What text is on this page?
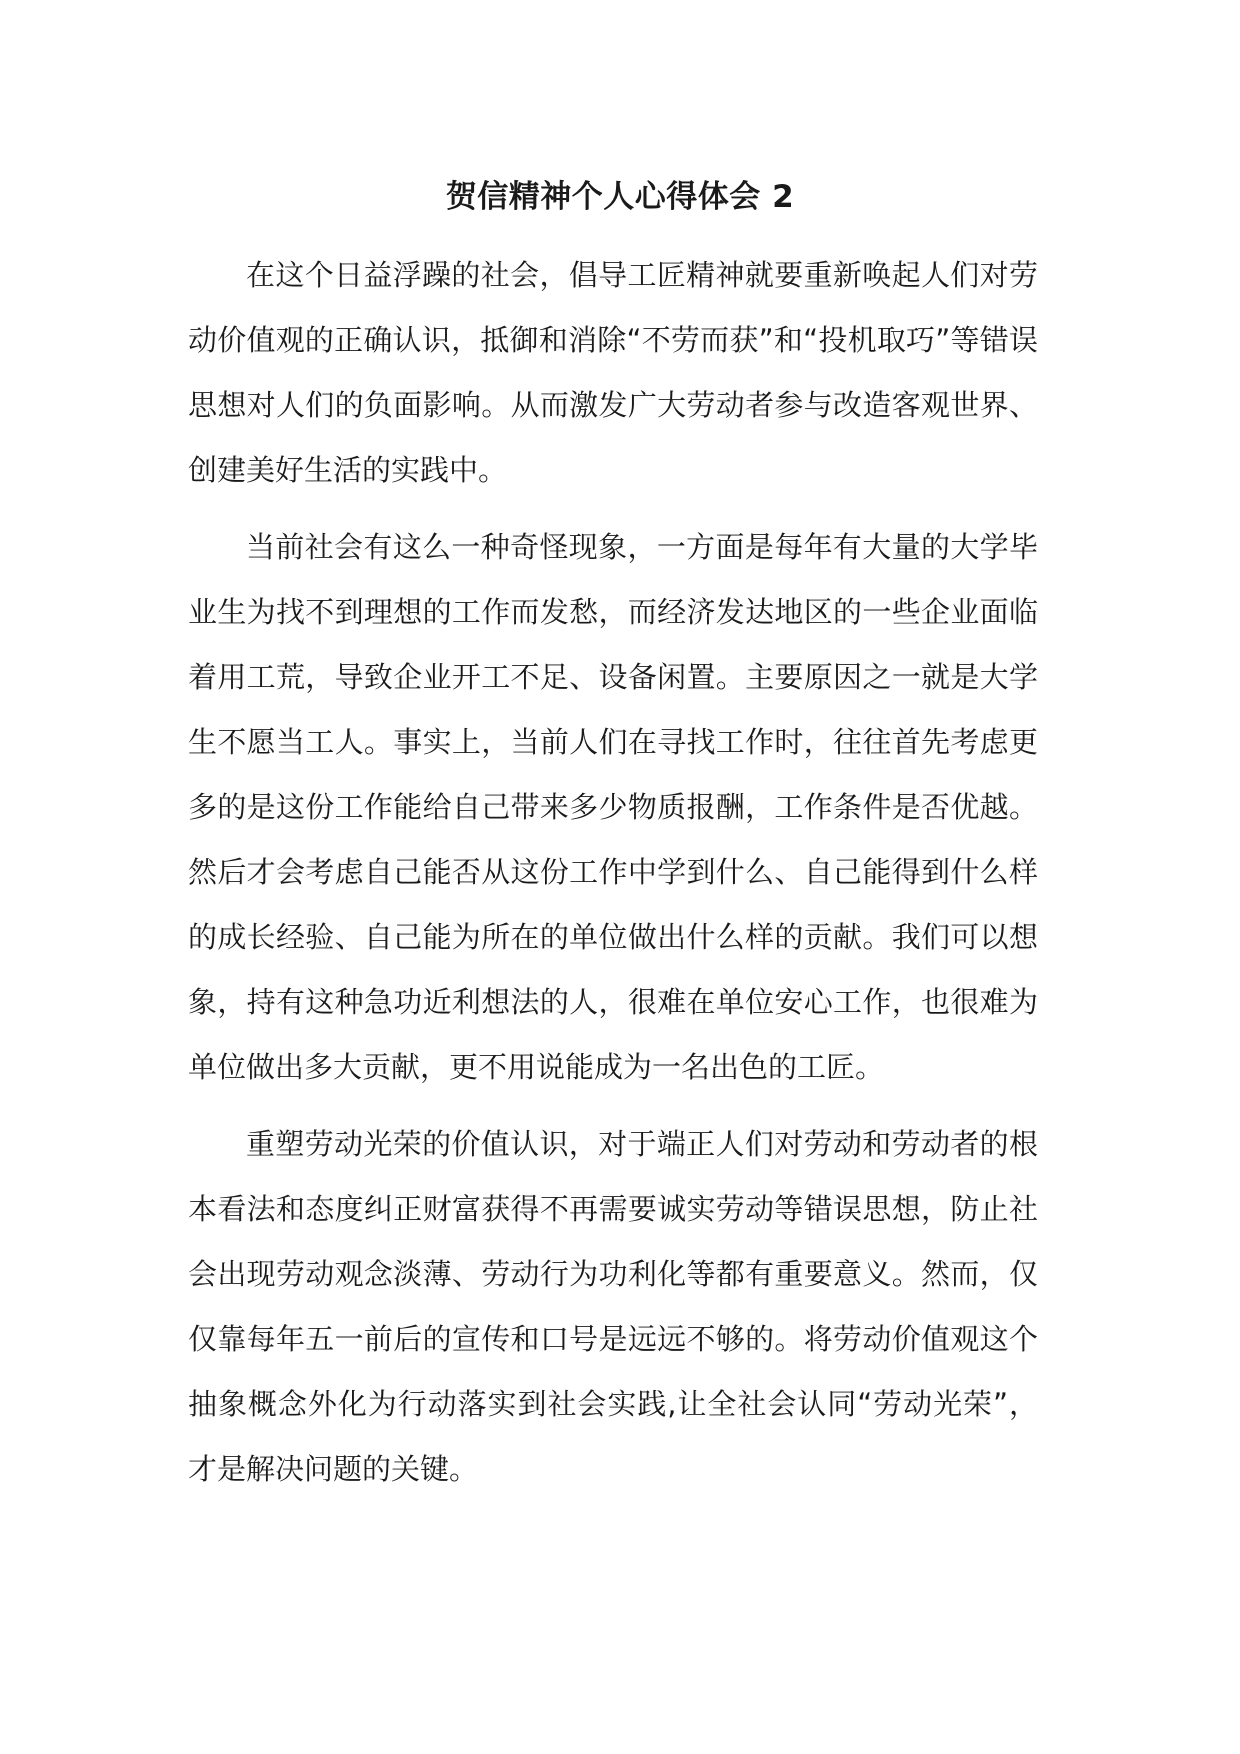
贺信精神个人心得体会 2

在这个日益浮躁的社会，倡导工匠精神就要重新唤起人们对劳动价值观的正确认识，抵御和消除“不劳而获”和“投机取巧”等错误思想对人们的负面影响。从而激发广大劳动者参与改造客观世界、创建美好生活的实践中。

当前社会有这么一种奇怪现象，一方面是每年有大量的大学毕业生为找不到理想的工作而发愁，而经济发达地区的一些企业面临着用工荒，导致企业开工不足、设备闲置。主要原因之一就是大学生不愿当工人。事实上，当前人们在寻找工作时，往往首先考虑更多的是这份工作能给自己带来多少物质报酬，工作条件是否优越。然后才会考虑自己能否从这份工作中学到什么、自己能得到什么样的成长经验、自己能为所在的单位做出什么样的贡献。我们可以想象，持有这种急功近利想法的人，很难在单位安心工作，也很难为单位做出多大贡献，更不用说能成为一名出色的工匠。

重塑劳动光荣的价值认识，对于端正人们对劳动和劳动者的根本看法和态度纠正财富获得不再需要诚实劳动等错误思想，防止社会出现劳动观念淡薄、劳动行为功利化等都有重要意义。然而，仅仅靠每年五一前后的宣传和口号是远远不够的。将劳动价值观这个抽象概念外化为行动落实到社会实践,让全社会认同“劳动光荣”，才是解决问题的关键。
